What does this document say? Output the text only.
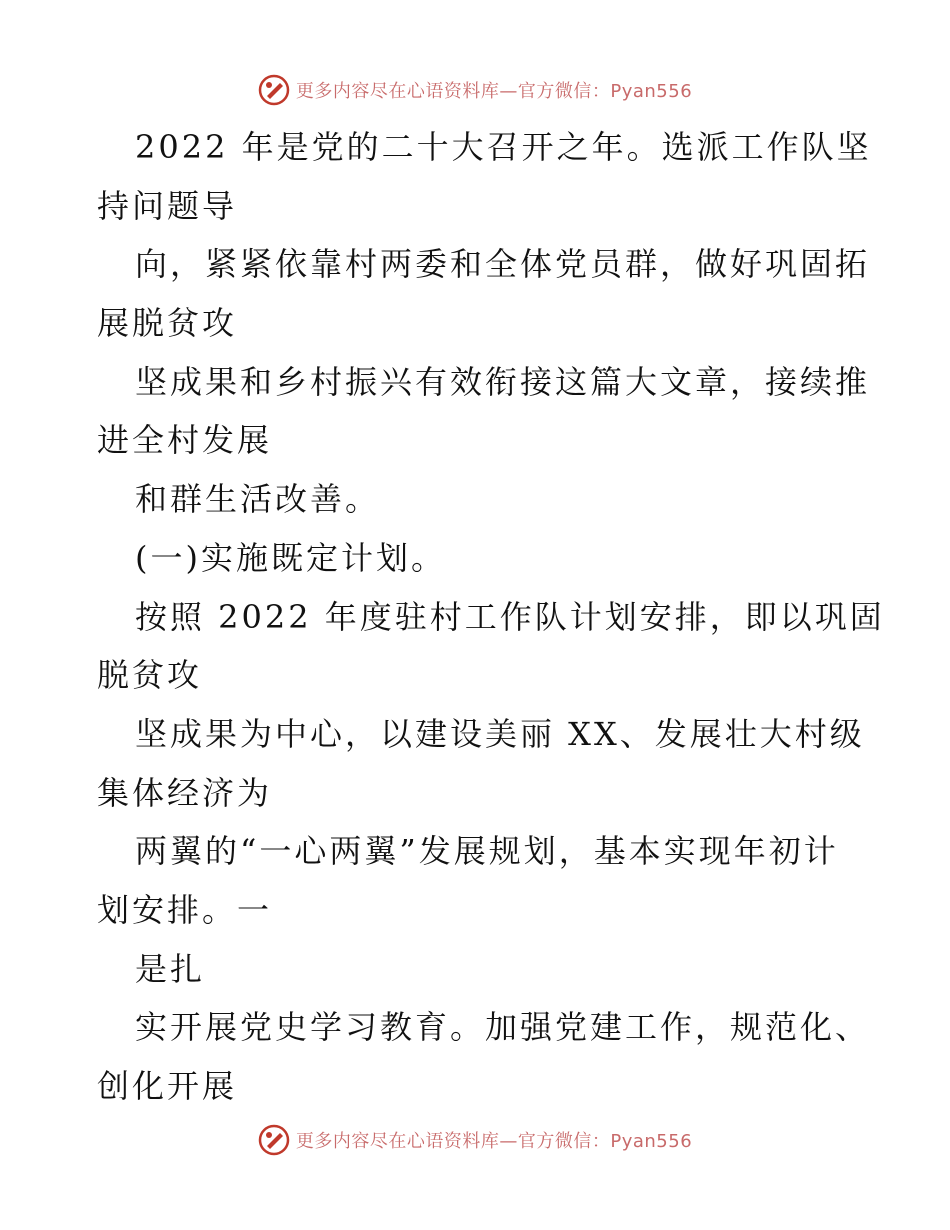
更多内容尽在心语资料库—官方微信：Pyan556
2022 年是党的二十大召开之年。选派工作队坚
持问题导
向，紧紧依靠村两委和全体党员群，做好巩固拓
展脱贫攻
坚成果和乡村振兴有效衔接这篇大文章，接续推
进全村发展
和群生活改善。
(一)实施既定计划。
按照 2022 年度驻村工作队计划安排，即以巩固
脱贫攻
坚成果为中心，以建设美丽 XX、发展壮大村级
集体经济为
两翼的“一心两翼”发展规划，基本实现年初计
划安排。一
是扎
实开展党史学习教育。加强党建工作，规范化、
创化开展
更多内容尽在心语资料库—官方微信：Pyan556
